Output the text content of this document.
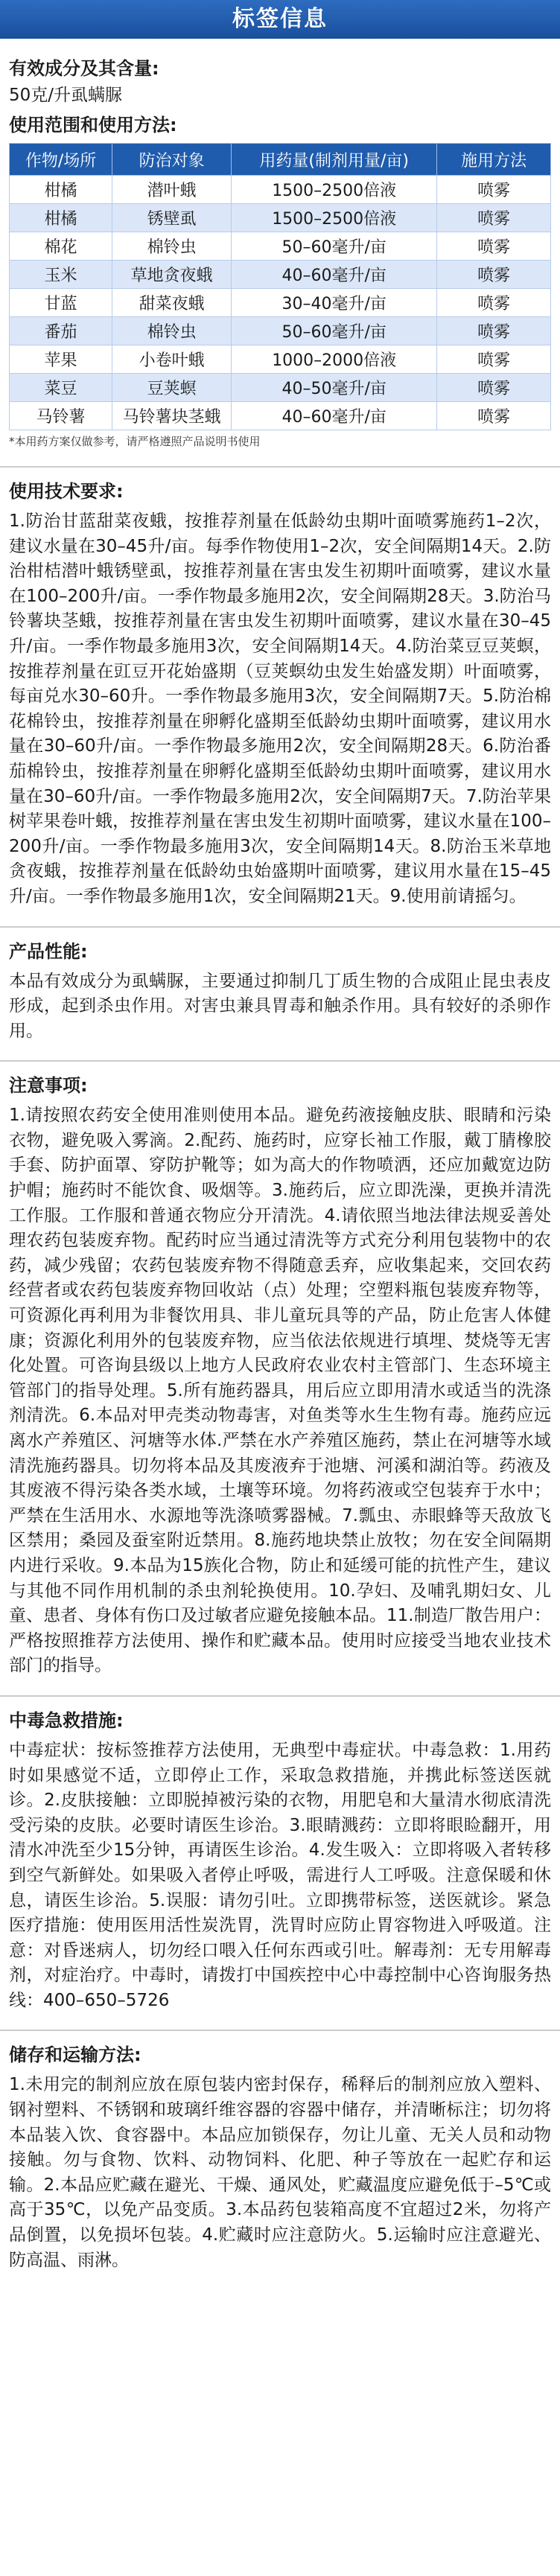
标签信息
有效成分及其含量:
50克/升虱螨脲
使用范围和使用方法:
作物/场所	防治对象	用药量(制剂用量/亩)	施用方法
柑橘	潜叶蛾	1500–2500倍液	喷雾
柑橘	锈壁虱	1500–2500倍液	喷雾
棉花	棉铃虫	50–60毫升/亩	喷雾
玉米	草地贪夜蛾	40–60毫升/亩	喷雾
甘蓝	甜菜夜蛾	30–40毫升/亩	喷雾
番茄	棉铃虫	50–60毫升/亩	喷雾
苹果	小卷叶蛾	1000–2000倍液	喷雾
菜豆	豆荚螟	40–50毫升/亩	喷雾
马铃薯	马铃薯块茎蛾	40–60毫升/亩	喷雾
*本用药方案仅做参考，请严格遵照产品说明书使用
使用技术要求:
1.防治甘蓝甜菜夜蛾，按推荐剂量在低龄幼虫期叶面喷雾施药1–2次，建议水量在30–45升/亩。每季作物使用1–2次，安全间隔期14天。2.防治柑桔潜叶蛾锈壁虱，按推荐剂量在害虫发生初期叶面喷雾，建议水量在100–200升/亩。一季作物最多施用2次，安全间隔期28天。3.防治马铃薯块茎蛾，按推荐剂量在害虫发生初期叶面喷雾，建议水量在30–45升/亩。一季作物最多施用3次，安全间隔期14天。4.防治菜豆豆荚螟，按推荐剂量在豇豆开花始盛期（豆荚螟幼虫发生始盛发期）叶面喷雾，每亩兑水30–60升。一季作物最多施用3次，安全间隔期7天。5.防治棉花棉铃虫，按推荐剂量在卵孵化盛期至低龄幼虫期叶面喷雾，建议用水量在30–60升/亩。一季作物最多施用2次，安全间隔期28天。6.防治番茄棉铃虫，按推荐剂量在卵孵化盛期至低龄幼虫期叶面喷雾，建议用水量在30–60升/亩。一季作物最多施用2次，安全间隔期7天。7.防治苹果树苹果卷叶蛾，按推荐剂量在害虫发生初期叶面喷雾，建议水量在100–200升/亩。一季作物最多施用3次，安全间隔期14天。8.防治玉米草地贪夜蛾，按推荐剂量在低龄幼虫始盛期叶面喷雾，建议用水量在15–45升/亩。一季作物最多施用1次，安全间隔期21天。9.使用前请摇匀。
产品性能:
本品有效成分为虱螨脲，主要通过抑制几丁质生物的合成阻止昆虫表皮形成，起到杀虫作用。对害虫兼具胃毒和触杀作用。具有较好的杀卵作用。
注意事项:
1.请按照农药安全使用准则使用本品。避免药液接触皮肤、眼睛和污染衣物，避免吸入雾滴。2.配药、施药时，应穿长袖工作服，戴丁腈橡胶手套、防护面罩、穿防护靴等；如为高大的作物喷洒，还应加戴宽边防护帽；施药时不能饮食、吸烟等。3.施药后，应立即洗澡，更换并清洗工作服。工作服和普通衣物应分开清洗。4.请依照当地法律法规妥善处理农药包装废弃物。配药时应当通过清洗等方式充分利用包装物中的农药，减少残留；农药包装废弃物不得随意丢弃，应收集起来，交回农药经营者或农药包装废弃物回收站（点）处理；空塑料瓶包装废弃物等，可资源化再利用为非餐饮用具、非儿童玩具等的产品，防止危害人体健康；资源化利用外的包装废弃物，应当依法依规进行填埋、焚烧等无害化处置。可咨询县级以上地方人民政府农业农村主管部门、生态环境主管部门的指导处理。5.所有施药器具，用后应立即用清水或适当的洗涤剂清洗。6.本品对甲壳类动物毒害，对鱼类等水生生物有毒。施药应远离水产养殖区、河塘等水体.严禁在水产养殖区施药，禁止在河塘等水域清洗施药器具。切勿将本品及其废液弃于池塘、河溪和湖泊等。药液及其废液不得污染各类水域，土壤等环境。勿将药液或空包装弃于水中；严禁在生活用水、水源地等洗涤喷雾器械。7.瓢虫、赤眼蜂等天敌放飞区禁用；桑园及蚕室附近禁用。8.施药地块禁止放牧；勿在安全间隔期内进行采收。9.本品为15族化合物，防止和延缓可能的抗性产生，建议与其他不同作用机制的杀虫剂轮换使用。10.孕妇、及哺乳期妇女、儿童、患者、身体有伤口及过敏者应避免接触本品。11.制造厂散告用户：严格按照推荐方法使用、操作和贮藏本品。使用时应接受当地农业技术部门的指导。
中毒急救措施:
中毒症状：按标签推荐方法使用，无典型中毒症状。中毒急救：1.用药时如果感觉不适，立即停止工作，采取急救措施，并携此标签送医就诊。2.皮肤接触：立即脱掉被污染的衣物，用肥皂和大量清水彻底清洗受污染的皮肤。必要时请医生诊治。3.眼睛溅药：立即将眼睑翻开，用清水冲洗至少15分钟，再请医生诊治。4.发生吸入：立即将吸入者转移到空气新鲜处。如果吸入者停止呼吸，需进行人工呼吸。注意保暖和休息，请医生诊治。5.误服：请勿引吐。立即携带标签，送医就诊。紧急医疗措施：使用医用活性炭洗胃，洗胃时应防止胃容物进入呼吸道。注意：对昏迷病人，切勿经口喂入任何东西或引吐。解毒剂：无专用解毒剂，对症治疗。中毒时，请拨打中国疾控中心中毒控制中心咨询服务热线：400–650–5726
储存和运输方法:
1.未用完的制剂应放在原包装内密封保存，稀释后的制剂应放入塑料、钢衬塑料、不锈钢和玻璃纤维容器的容器中储存，并清晰标注；切勿将本品装入饮、食容器中。本品应加锁保存，勿让儿童、无关人员和动物接触。勿与食物、饮料、动物饲料、化肥、种子等放在一起贮存和运输。2.本品应贮藏在避光、干燥、通风处，贮藏温度应避免低于–5℃或高于35℃，以免产品变质。3.本品药包装箱高度不宜超过2米，勿将产品倒置，以免损坏包装。4.贮藏时应注意防火。5.运输时应注意避光、防高温、雨淋。
